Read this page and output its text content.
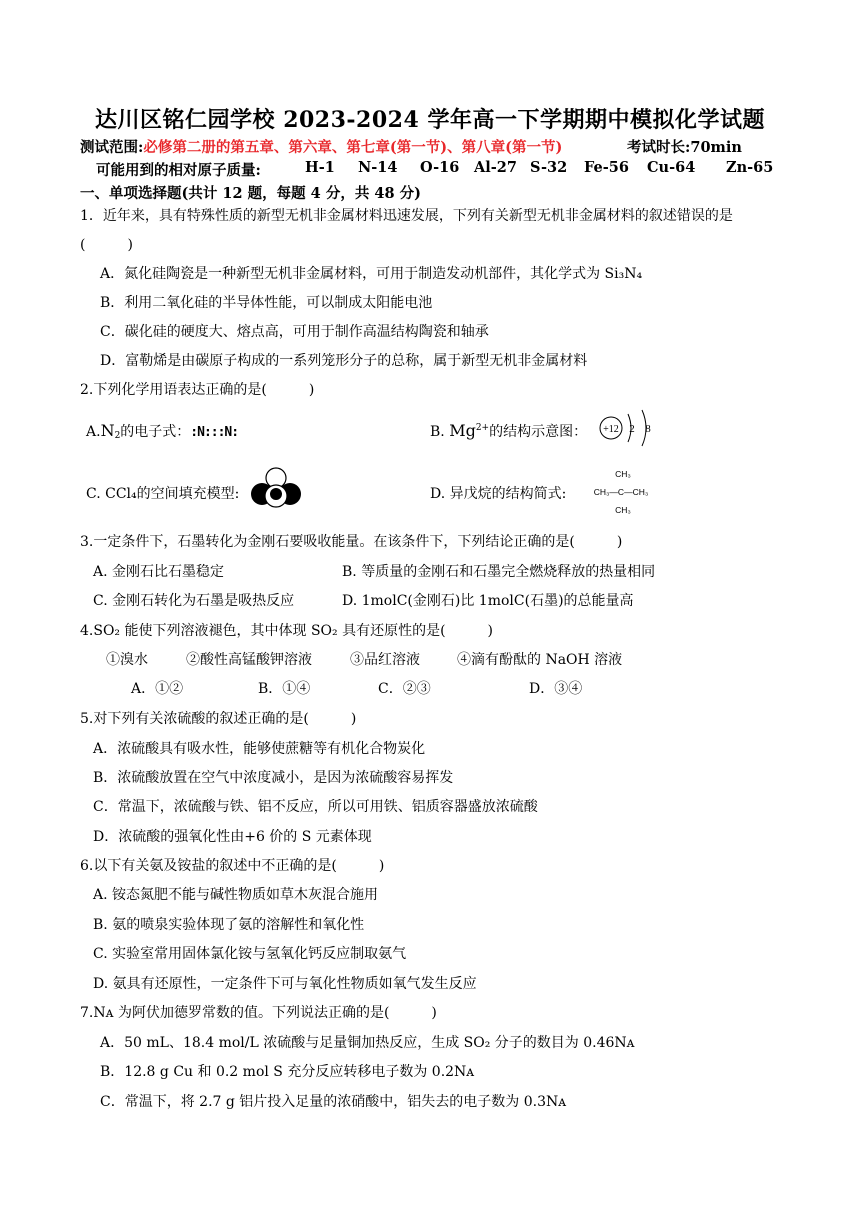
达川区铭仁园学校 2023-2024 学年高一下学期期中模拟化学试题
测试范围:必修第二册的第五章、第六章、第七章(第一节)、第八章(第一节)	考试时长:70min
可能用到的相对原子质量:	H-1 N-14 O-16 Al-27 S-32 Fe-56 Cu-64 Zn-65
一、单项选择题(共计 12 题，每题 4 分，共 48 分)
1．近年来，具有特殊性质的新型无机非金属材料迅速发展，下列有关新型无机非金属材料的叙述错误的是
(　　　)
A．氮化硅陶瓷是一种新型无机非金属材料，可用于制造发动机部件，其化学式为 Si₃N₄
B．利用二氧化硅的半导体性能，可以制成太阳能电池
C．碳化硅的硬度大、熔点高，可用于制作高温结构陶瓷和轴承
D．富勒烯是由碳原子构成的一系列笼形分子的总称，属于新型无机非金属材料
2.下列化学用语表达正确的是(　　　)
$A.N_2$的电子式：:N:::N:	B. $Mg^{2+}$的结构示意图： +12 2 8
C. CCl₄的空间填充模型:	D. 异戊烷的结构简式:
CH₃
CH₃—C—CH₃
CH₃
3.一定条件下，石墨转化为金刚石要吸收能量。在该条件下，下列结论正确的是(　　　)
A. 金刚石比石墨稳定	B. 等质量的金刚石和石墨完全燃烧释放的热量相同
C. 金刚石转化为石墨是吸热反应	D. 1molC(金刚石)比 1molC(石墨)的总能量高
4.SO₂ 能使下列溶液褪色，其中体现 SO₂ 具有还原性的是(　　　)
①溴水	②酸性高锰酸钾溶液	③品红溶液	④滴有酚酞的 NaOH 溶液
A．①②	B．①④	C．②③	D．③④
5.对下列有关浓硫酸的叙述正确的是(　　　)
A．浓硫酸具有吸水性，能够使蔗糖等有机化合物炭化
B．浓硫酸放置在空气中浓度减小，是因为浓硫酸容易挥发
C．常温下，浓硫酸与铁、铝不反应，所以可用铁、铝质容器盛放浓硫酸
D．浓硫酸的强氧化性由+6 价的 S 元素体现
6.以下有关氨及铵盐的叙述中不正确的是(　　　)
A. 铵态氮肥不能与碱性物质如草木灰混合施用
B. 氨的喷泉实验体现了氨的溶解性和氧化性
C. 实验室常用固体氯化铵与氢氧化钙反应制取氨气
D. 氨具有还原性，一定条件下可与氧化性物质如氧气发生反应
7.Nᴀ 为阿伏加德罗常数的值。下列说法正确的是(　　　)
A．50 mL、18.4 mol/L 浓硫酸与足量铜加热反应，生成 SO₂ 分子的数目为 0.46Nᴀ
B．12.8 g Cu 和 0.2 mol S 充分反应转移电子数为 0.2Nᴀ
C．常温下，将 2.7 g 铝片投入足量的浓硝酸中，铝失去的电子数为 0.3Nᴀ
